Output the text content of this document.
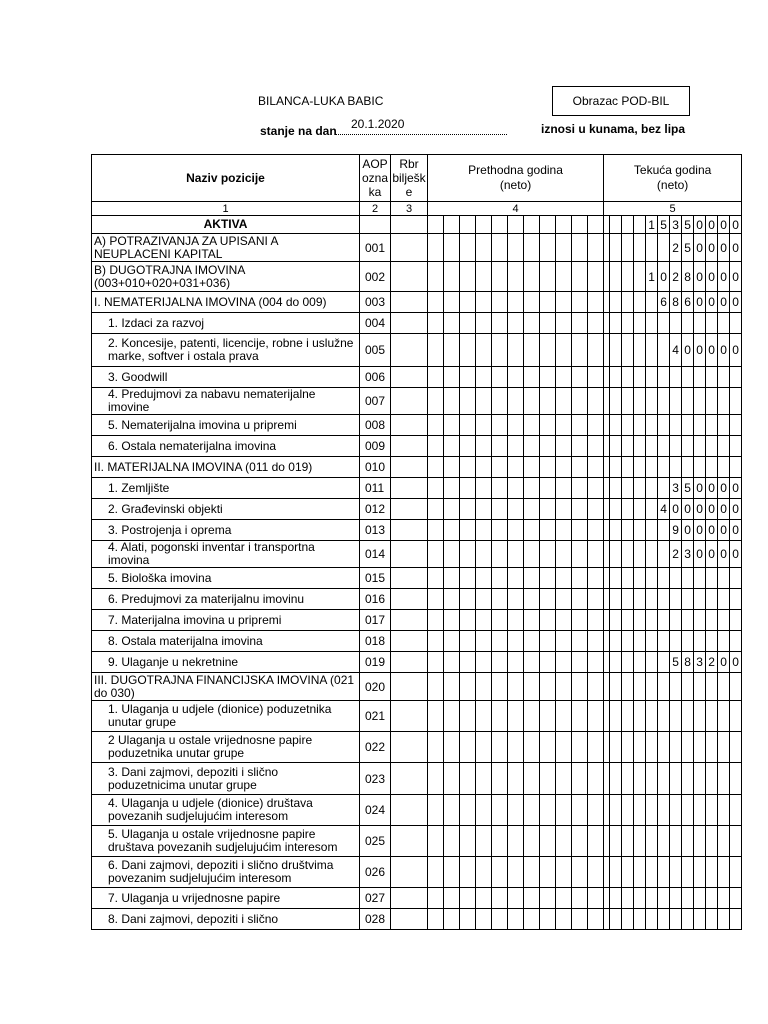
BILANCA-LUKA BABIC	Obrazac POD-BIL
stanje na dan 20.1.2020	iznosi u kunama, bez lipa
Naziv pozicije	AOP
ozna
ka	Rbr
bilješk
e	Prethodna godina
(neto)											Tekuća godina
(neto)											
1	2	3	4											5											
AKTIVA																		1	5	3	5	0	0	0	0
A) POTRAZIVANJA ZA UPISANI A NEUPLACENI KAPITAL	001																			2	5	0	0	0	0
B) DUGOTRAJNA IMOVINA (003+010+020+031+036)	002																	1	0	2	8	0	0	0	0
I. NEMATERIJALNA IMOVINA (004 do 009)	003																		6	8	6	0	0	0	0
1. Izdaci za razvoj	004																								
2. Koncesije, patenti, licencije, robne i uslužne marke, softver i ostala prava	005																			4	0	0	0	0	0
3. Goodwill	006																								
4. Predujmovi za nabavu nematerijalne imovine	007																								
5. Nematerijalna imovina u pripremi	008																								
6. Ostala nematerijalna imovina	009																								
II. MATERIJALNA IMOVINA (011 do 019)	010																								
1. Zemljište	011																			3	5	0	0	0	0
2. Građevinski objekti	012																		4	0	0	0	0	0	0
3. Postrojenja i oprema	013																			9	0	0	0	0	0
4. Alati, pogonski inventar i transportna imovina	014																			2	3	0	0	0	0
5. Biološka imovina	015																								
6. Predujmovi za materijalnu imovinu	016																								
7. Materijalna imovina u pripremi	017																								
8. Ostala materijalna imovina	018																								
9. Ulaganje u nekretnine	019																			5	8	3	2	0	0
III. DUGOTRAJNA FINANCIJSKA IMOVINA (021 do 030)	020																								
1. Ulaganja u udjele (dionice) poduzetnika unutar grupe	021																								
2 Ulaganja u ostale vrijednosne papire poduzetnika unutar grupe	022																								
3. Dani zajmovi, depoziti i slično poduzetnicima unutar grupe	023																								
4. Ulaganja u udjele (dionice) društava povezanih sudjelujućim interesom	024																								
5. Ulaganja u ostale vrijednosne papire društava povezanih sudjelujućim interesom	025																								
6. Dani zajmovi, depoziti i slično društvima povezanim sudjelujućim interesom	026																								
7. Ulaganja u vrijednosne papire	027																								
8. Dani zajmovi, depoziti i slično	028																								
